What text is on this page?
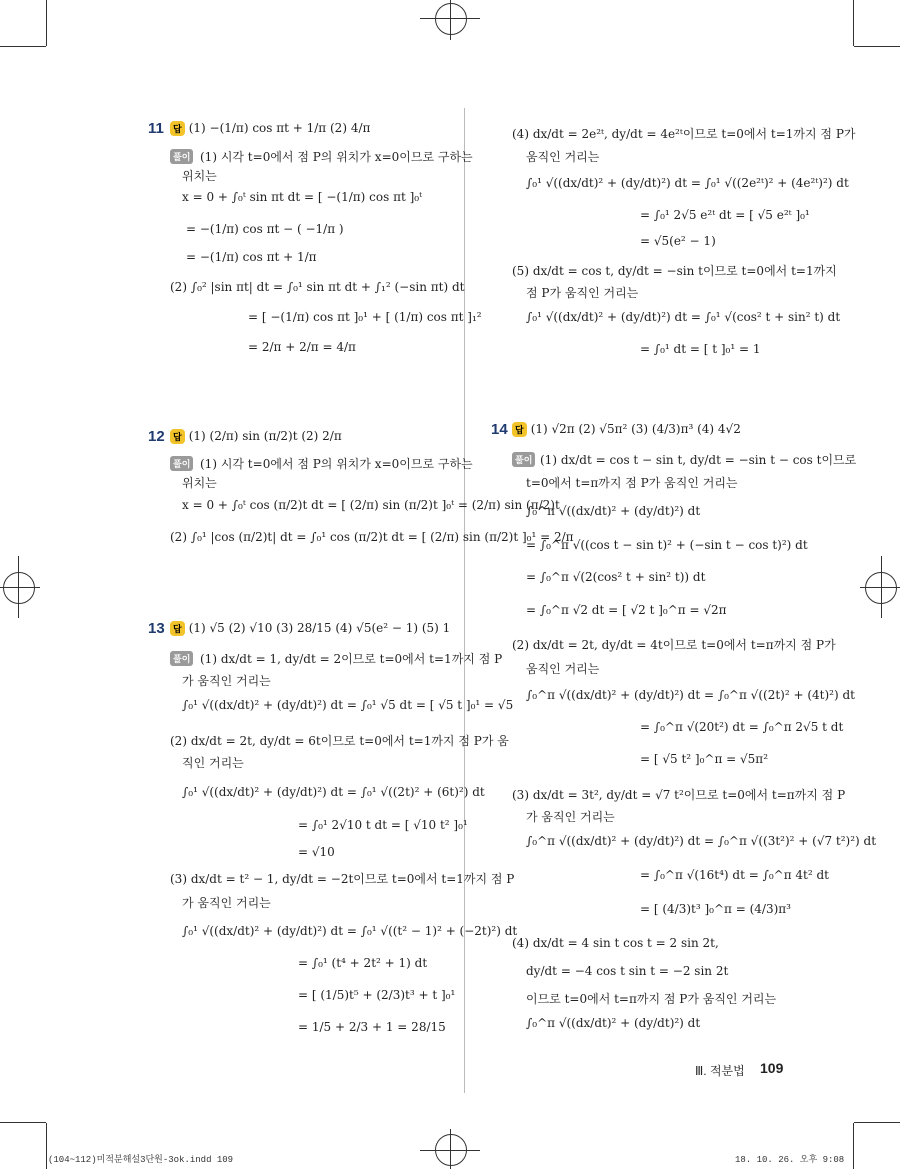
11	답 (1) −(1/π) cos πt + 1/π (2) 4/π
풀이 (1) 시각 t=0에서 점 P의 위치가 x=0이므로 구하는
위치는
x = 0 + ∫₀ᵗ sin πt dt = [ −(1/π) cos πt ]₀ᵗ
= −(1/π) cos πt − ( −1/π )
= −(1/π) cos πt + 1/π
(2) ∫₀² |sin πt| dt = ∫₀¹ sin πt dt + ∫₁² (−sin πt) dt
= [ −(1/π) cos πt ]₀¹ + [ (1/π) cos πt ]₁²
= 2/π + 2/π = 4/π
12 답 (1) (2/π) sin (π/2)t (2) 2/π
풀이 (1) 시각 t=0에서 점 P의 위치가 x=0이므로 구하는
위치는
x = 0 + ∫₀ᵗ cos (π/2)t dt = [ (2/π) sin (π/2)t ]₀ᵗ = (2/π) sin (π/2)t
(2) ∫₀¹ |cos (π/2)t| dt = ∫₀¹ cos (π/2)t dt = [ (2/π) sin (π/2)t ]₀¹ = 2/π
13 답 (1) √5 (2) √10 (3) 28/15 (4) √5(e² − 1) (5) 1
풀이 (1) dx/dt = 1, dy/dt = 2이므로 t=0에서 t=1까지 점 P
가 움직인 거리는
∫₀¹ √((dx/dt)² + (dy/dt)²) dt = ∫₀¹ √5 dt = [ √5 t ]₀¹ = √5
(2) dx/dt = 2t, dy/dt = 6t이므로 t=0에서 t=1까지 점 P가 움
직인 거리는
∫₀¹ √((dx/dt)² + (dy/dt)²) dt = ∫₀¹ √((2t)² + (6t)²) dt
= ∫₀¹ 2√10 t dt = [ √10 t² ]₀¹
= √10
(3) dx/dt = t² − 1, dy/dt = −2t이므로 t=0에서 t=1까지 점 P
가 움직인 거리는
∫₀¹ √((dx/dt)² + (dy/dt)²) dt = ∫₀¹ √((t² − 1)² + (−2t)²) dt
= ∫₀¹ (t⁴ + 2t² + 1) dt
= [ (1/5)t⁵ + (2/3)t³ + t ]₀¹
= 1/5 + 2/3 + 1 = 28/15
(4) dx/dt = 2e²ᵗ, dy/dt = 4e²ᵗ이므로 t=0에서 t=1까지 점 P가
움직인 거리는
∫₀¹ √((dx/dt)² + (dy/dt)²) dt = ∫₀¹ √((2e²ᵗ)² + (4e²ᵗ)²) dt
= ∫₀¹ 2√5 e²ᵗ dt = [ √5 e²ᵗ ]₀¹
= √5(e² − 1)
(5) dx/dt = cos t, dy/dt = −sin t이므로 t=0에서 t=1까지
점 P가 움직인 거리는
∫₀¹ √((dx/dt)² + (dy/dt)²) dt = ∫₀¹ √(cos² t + sin² t) dt
= ∫₀¹ dt = [ t ]₀¹ = 1
14 답 (1) √2π (2) √5π² (3) (4/3)π³ (4) 4√2
풀이 (1) dx/dt = cos t − sin t, dy/dt = −sin t − cos t이므로
t=0에서 t=π까지 점 P가 움직인 거리는
∫₀^π √((dx/dt)² + (dy/dt)²) dt
= ∫₀^π √((cos t − sin t)² + (−sin t − cos t)²) dt
= ∫₀^π √(2(cos² t + sin² t)) dt
= ∫₀^π √2 dt = [ √2 t ]₀^π = √2π
(2) dx/dt = 2t, dy/dt = 4t이므로 t=0에서 t=π까지 점 P가
움직인 거리는
∫₀^π √((dx/dt)² + (dy/dt)²) dt = ∫₀^π √((2t)² + (4t)²) dt
= ∫₀^π √(20t²) dt = ∫₀^π 2√5 t dt
= [ √5 t² ]₀^π = √5π²
(3) dx/dt = 3t², dy/dt = √7 t²이므로 t=0에서 t=π까지 점 P
가 움직인 거리는
∫₀^π √((dx/dt)² + (dy/dt)²) dt = ∫₀^π √((3t²)² + (√7 t²)²) dt
= ∫₀^π √(16t⁴) dt = ∫₀^π 4t² dt
= [ (4/3)t³ ]₀^π = (4/3)π³
(4) dx/dt = 4 sin t cos t = 2 sin 2t,
dy/dt = −4 cos t sin t = −2 sin 2t
이므로 t=0에서 t=π까지 점 P가 움직인 거리는
∫₀^π √((dx/dt)² + (dy/dt)²) dt
Ⅲ. 적분법 109
(104~112)미적분해설3단원-3ok.indd 109	18. 10. 26. 오후 9:08
